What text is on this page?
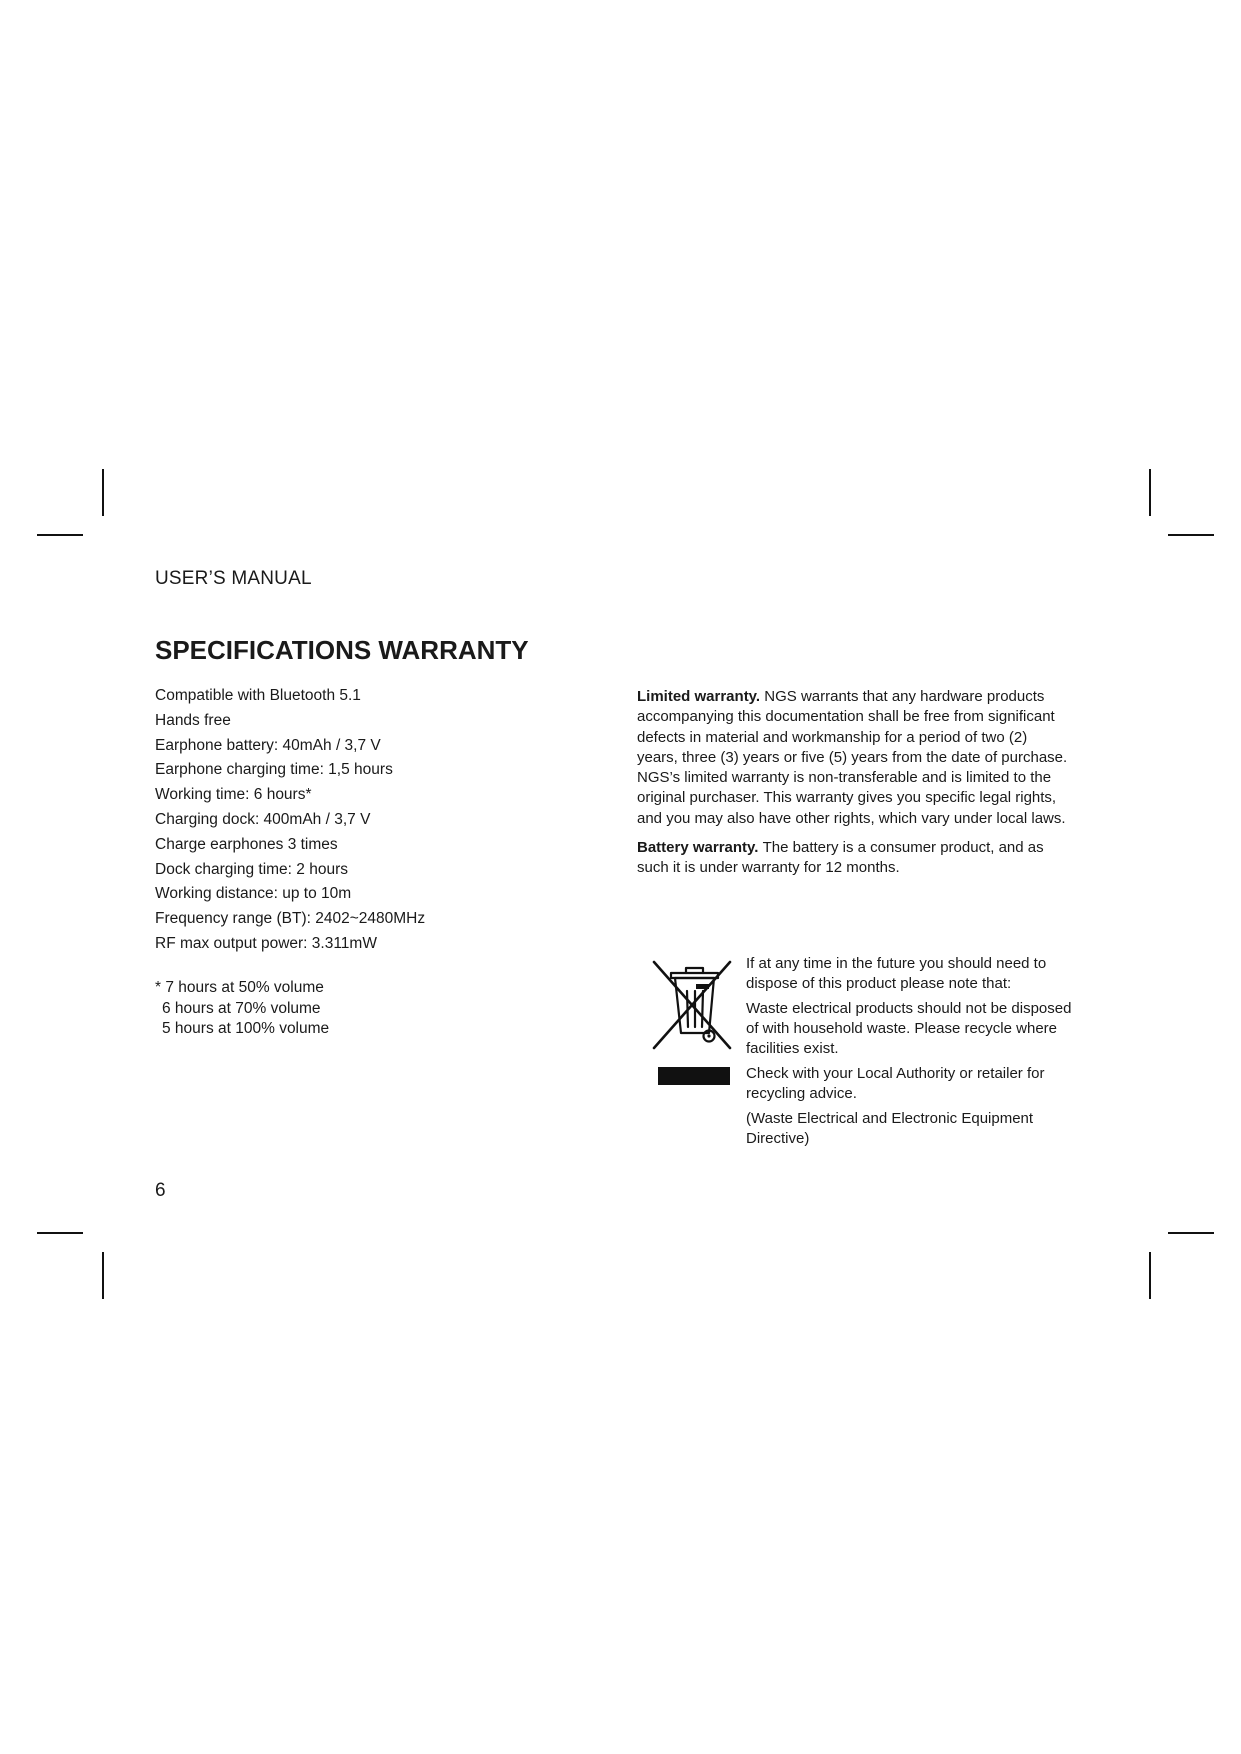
USER’S MANUAL
SPECIFICATIONS WARRANTY
Compatible with Bluetooth 5.1
Hands free
Earphone battery: 40mAh / 3,7 V
Earphone charging time: 1,5 hours
Working time: 6 hours*
Charging dock: 400mAh / 3,7 V
Charge earphones 3 times
Dock charging time: 2 hours
Working distance: up to 10m
Frequency range (BT): 2402~2480MHz
RF max output power: 3.311mW
* 7 hours at 50% volume
6 hours at 70% volume
5 hours at 100% volume
Limited warranty. NGS warrants that any hardware products
accompanying this documentation shall be free from significant
defects in material and workmanship for a period of two (2)
years, three (3) years or five (5) years from the date of purchase.
NGS’s limited warranty is non-transferable and is limited to the
original purchaser. This warranty gives you specific legal rights,
and you may also have other rights, which vary under local laws.
Battery warranty. The battery is a consumer product, and as
such it is under warranty for 12 months.
If at any time in the future you should need to
dispose of this product please note that:
Waste electrical products should not be disposed
of with household waste. Please recycle where
facilities exist.
Check with your Local Authority or retailer for
recycling advice.
(Waste Electrical and Electronic Equipment
Directive)
6
